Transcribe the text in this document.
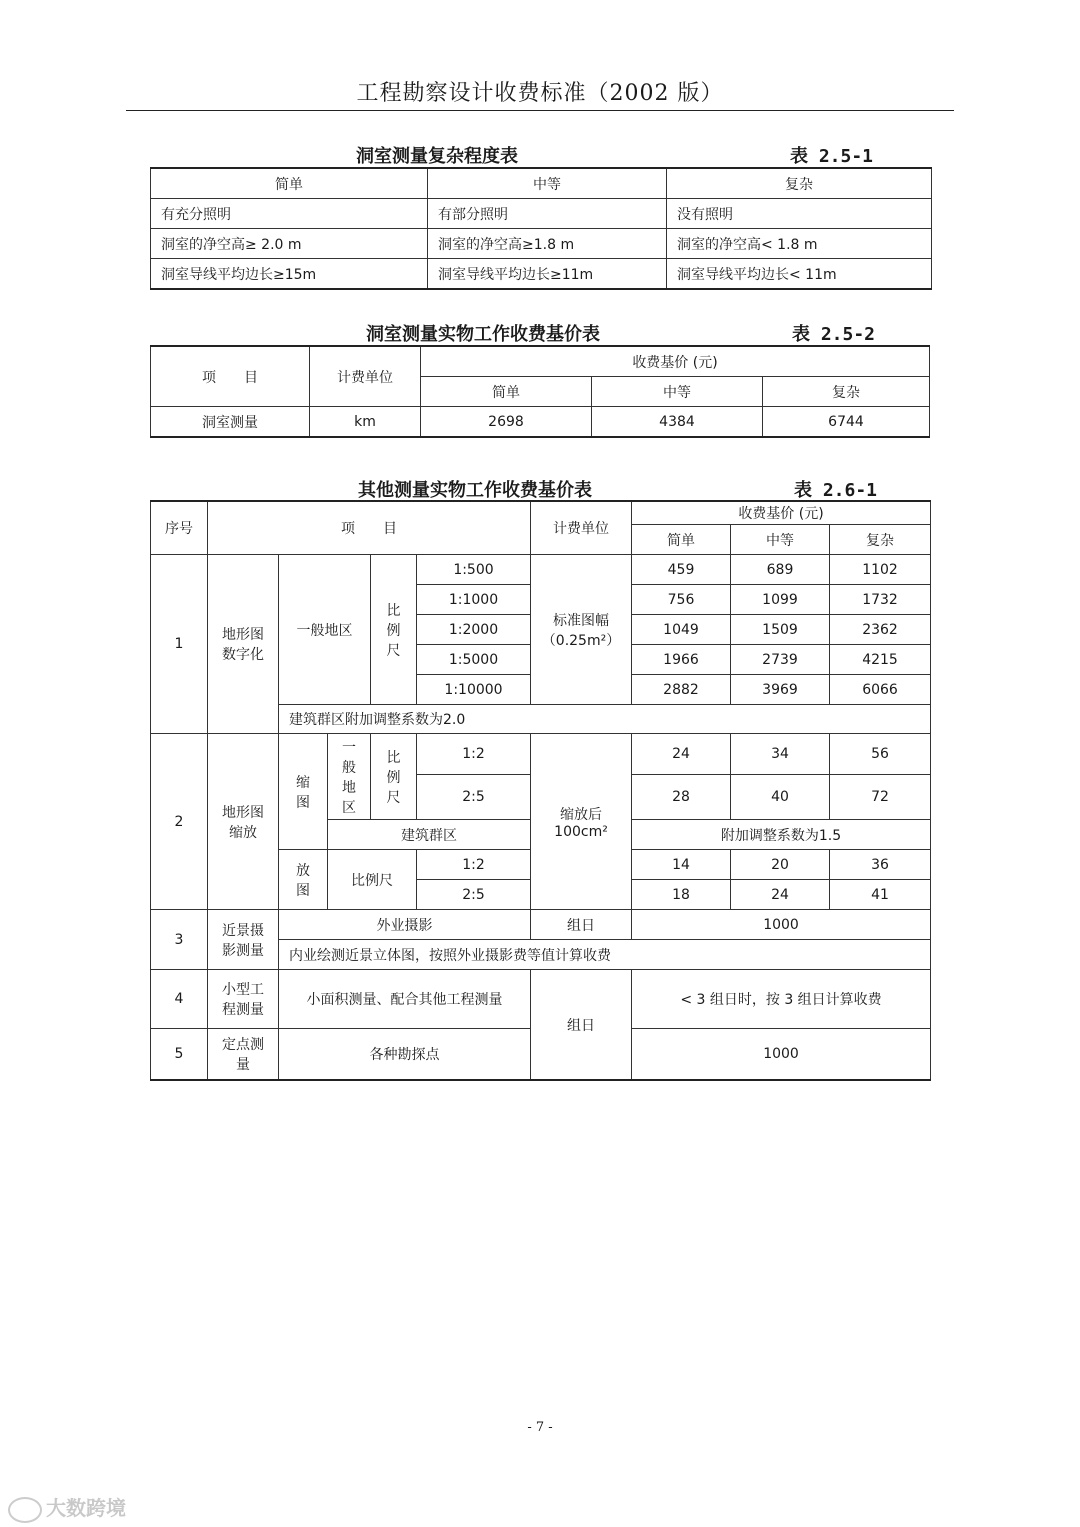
工程勘察设计收费标准（2002 版）
洞室测量复杂程度表	表 2.5-1
简单	中等	复杂
有充分照明	有部分照明	没有照明
洞室的净空高≥ 2.0 m	洞室的净空高≥1.8 m	洞室的净空高< 1.8 m
洞室导线平均边长≥15m	洞室导线平均边长≥11m	洞室导线平均边长< 11m
洞室测量实物工作收费基价表	表 2.5-2
项　　目	计费单位	收费基价 (元)		
		简单	中等	复杂
洞室测量	km	2698	4384	6744
其他测量实物工作收费基价表	表 2.6-1
序号	项　　目					计费单位	收费基价 (元)		
							简单	中等	复杂
1	地形图数字化	一般地区		比例尺	1:500	标准图幅（0.25m²）	459	689	1102
					1:1000		756	1099	1732
					1:2000		1049	1509	2362
					1:5000		1966	2739	4215
					1:10000		2882	3969	6066
		建筑群区附加调整系数为2.0							
2	地形图缩放	缩图	一般地区	比例尺	1:2	缩放后100cm²	24	34	56
					2:5		28	40	72
			建筑群区				附加调整系数为1.5		
		放图	比例尺		1:2		14	20	36
					2:5		18	24	41
3	近景摄影测量	外业摄影				组日	1000		
		内业绘测近景立体图，按照外业摄影费等值计算收费							
4	小型工程测量	小面积测量、配合其他工程测量				组日	< 3 组日时，按 3 组日计算收费		
5	定点测量	各种勘探点					1000		
- 7 -
大数跨境
